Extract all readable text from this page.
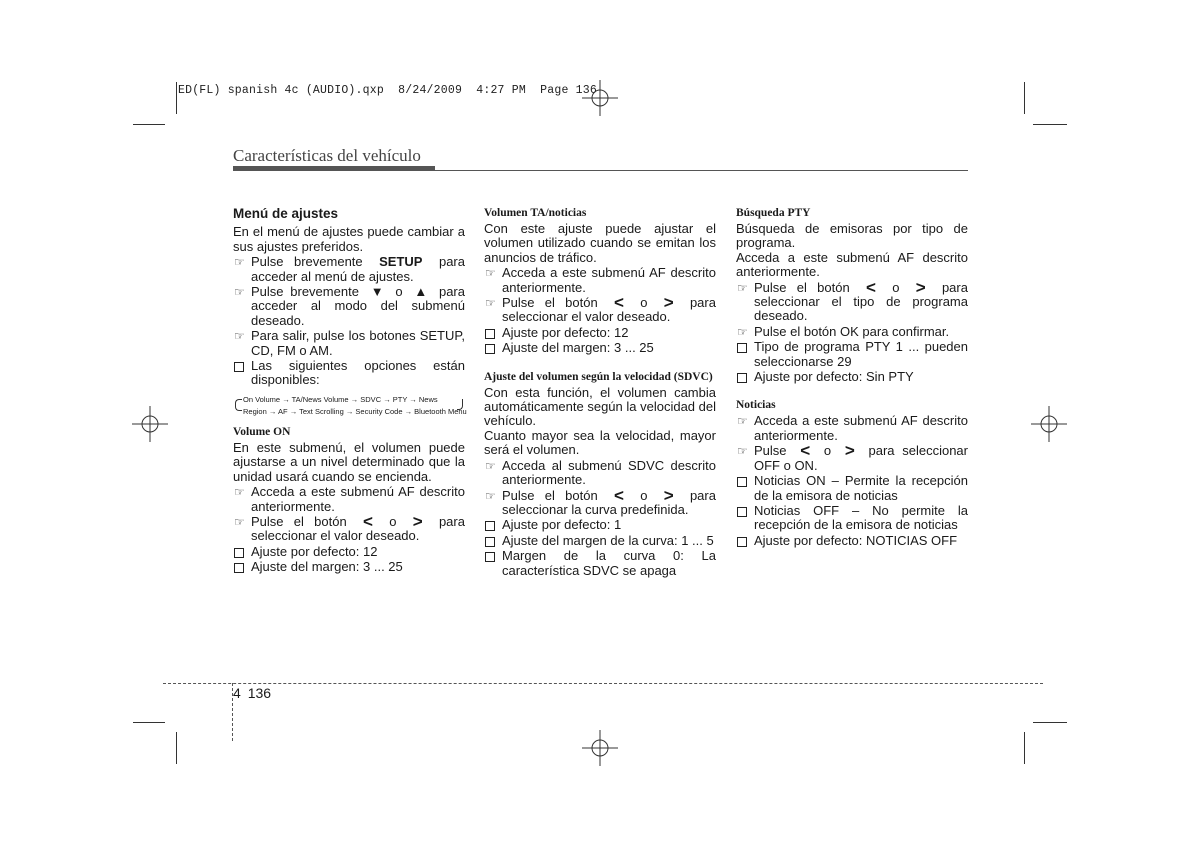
ED(FL) spanish 4c (AUDIO).qxp  8/24/2009  4:27 PM  Page 136
Características del vehículo
Menú de ajustes

En el menú de ajustes puede cambiar a sus ajustes preferidos.

☞ Pulse brevemente SETUP para acceder al menú de ajustes.
☞ Pulse brevemente ▼ o ▲ para acceder al modo del submenú deseado.
☞ Para salir, pulse los botones SETUP, CD, FM o AM.
Las siguientes opciones están disponibles:
On Volume → TA/News Volume → SDVC → PTY → News
Region → AF → Text Scrolling → Security Code → Bluetooth Menu
Volume ON

En este submenú, el volumen puede ajustarse a un nivel determinado que la unidad usará cuando se encienda.

☞ Acceda a este submenú AF descrito anteriormente.
☞ Pulse el botón < o > para seleccionar el valor deseado.
Ajuste por defecto: 12
Ajuste del margen: 3 ... 25
Volumen TA/noticias

Con este ajuste puede ajustar el volumen utilizado cuando se emitan los anuncios de tráfico.

☞ Acceda a este submenú AF descrito anteriormente.
☞ Pulse el botón < o > para seleccionar el valor deseado.
Ajuste por defecto: 12
Ajuste del margen: 3 ... 25
Ajuste del volumen según la velocidad (SDVC)

Con esta función, el volumen cambia automáticamente según la velocidad del vehículo.

Cuanto mayor sea la velocidad, mayor será el volumen.

☞ Acceda al submenú SDVC descrito anteriormente.
☞ Pulse el botón < o > para seleccionar la curva predefinida.
Ajuste por defecto: 1
Ajuste del margen de la curva: 1 ... 5
Margen de la curva 0: La característica SDVC se apaga
Búsqueda PTY

Búsqueda de emisoras por tipo de programa.

Acceda a este submenú AF descrito anteriormente.

☞ Pulse el botón < o > para seleccionar el tipo de programa deseado.
☞ Pulse el botón OK para confirmar.
Tipo de programa PTY 1 ... pueden seleccionarse 29
Ajuste por defecto: Sin PTY
Noticias
☞ Acceda a este submenú AF descrito anteriormente.
☞ Pulse < o > para seleccionar OFF o ON.
Noticias ON – Permite la recepción de la emisora de noticias
Noticias OFF – No permite la recepción de la emisora de noticias
Ajuste por defecto: NOTICIAS OFF
4 136
